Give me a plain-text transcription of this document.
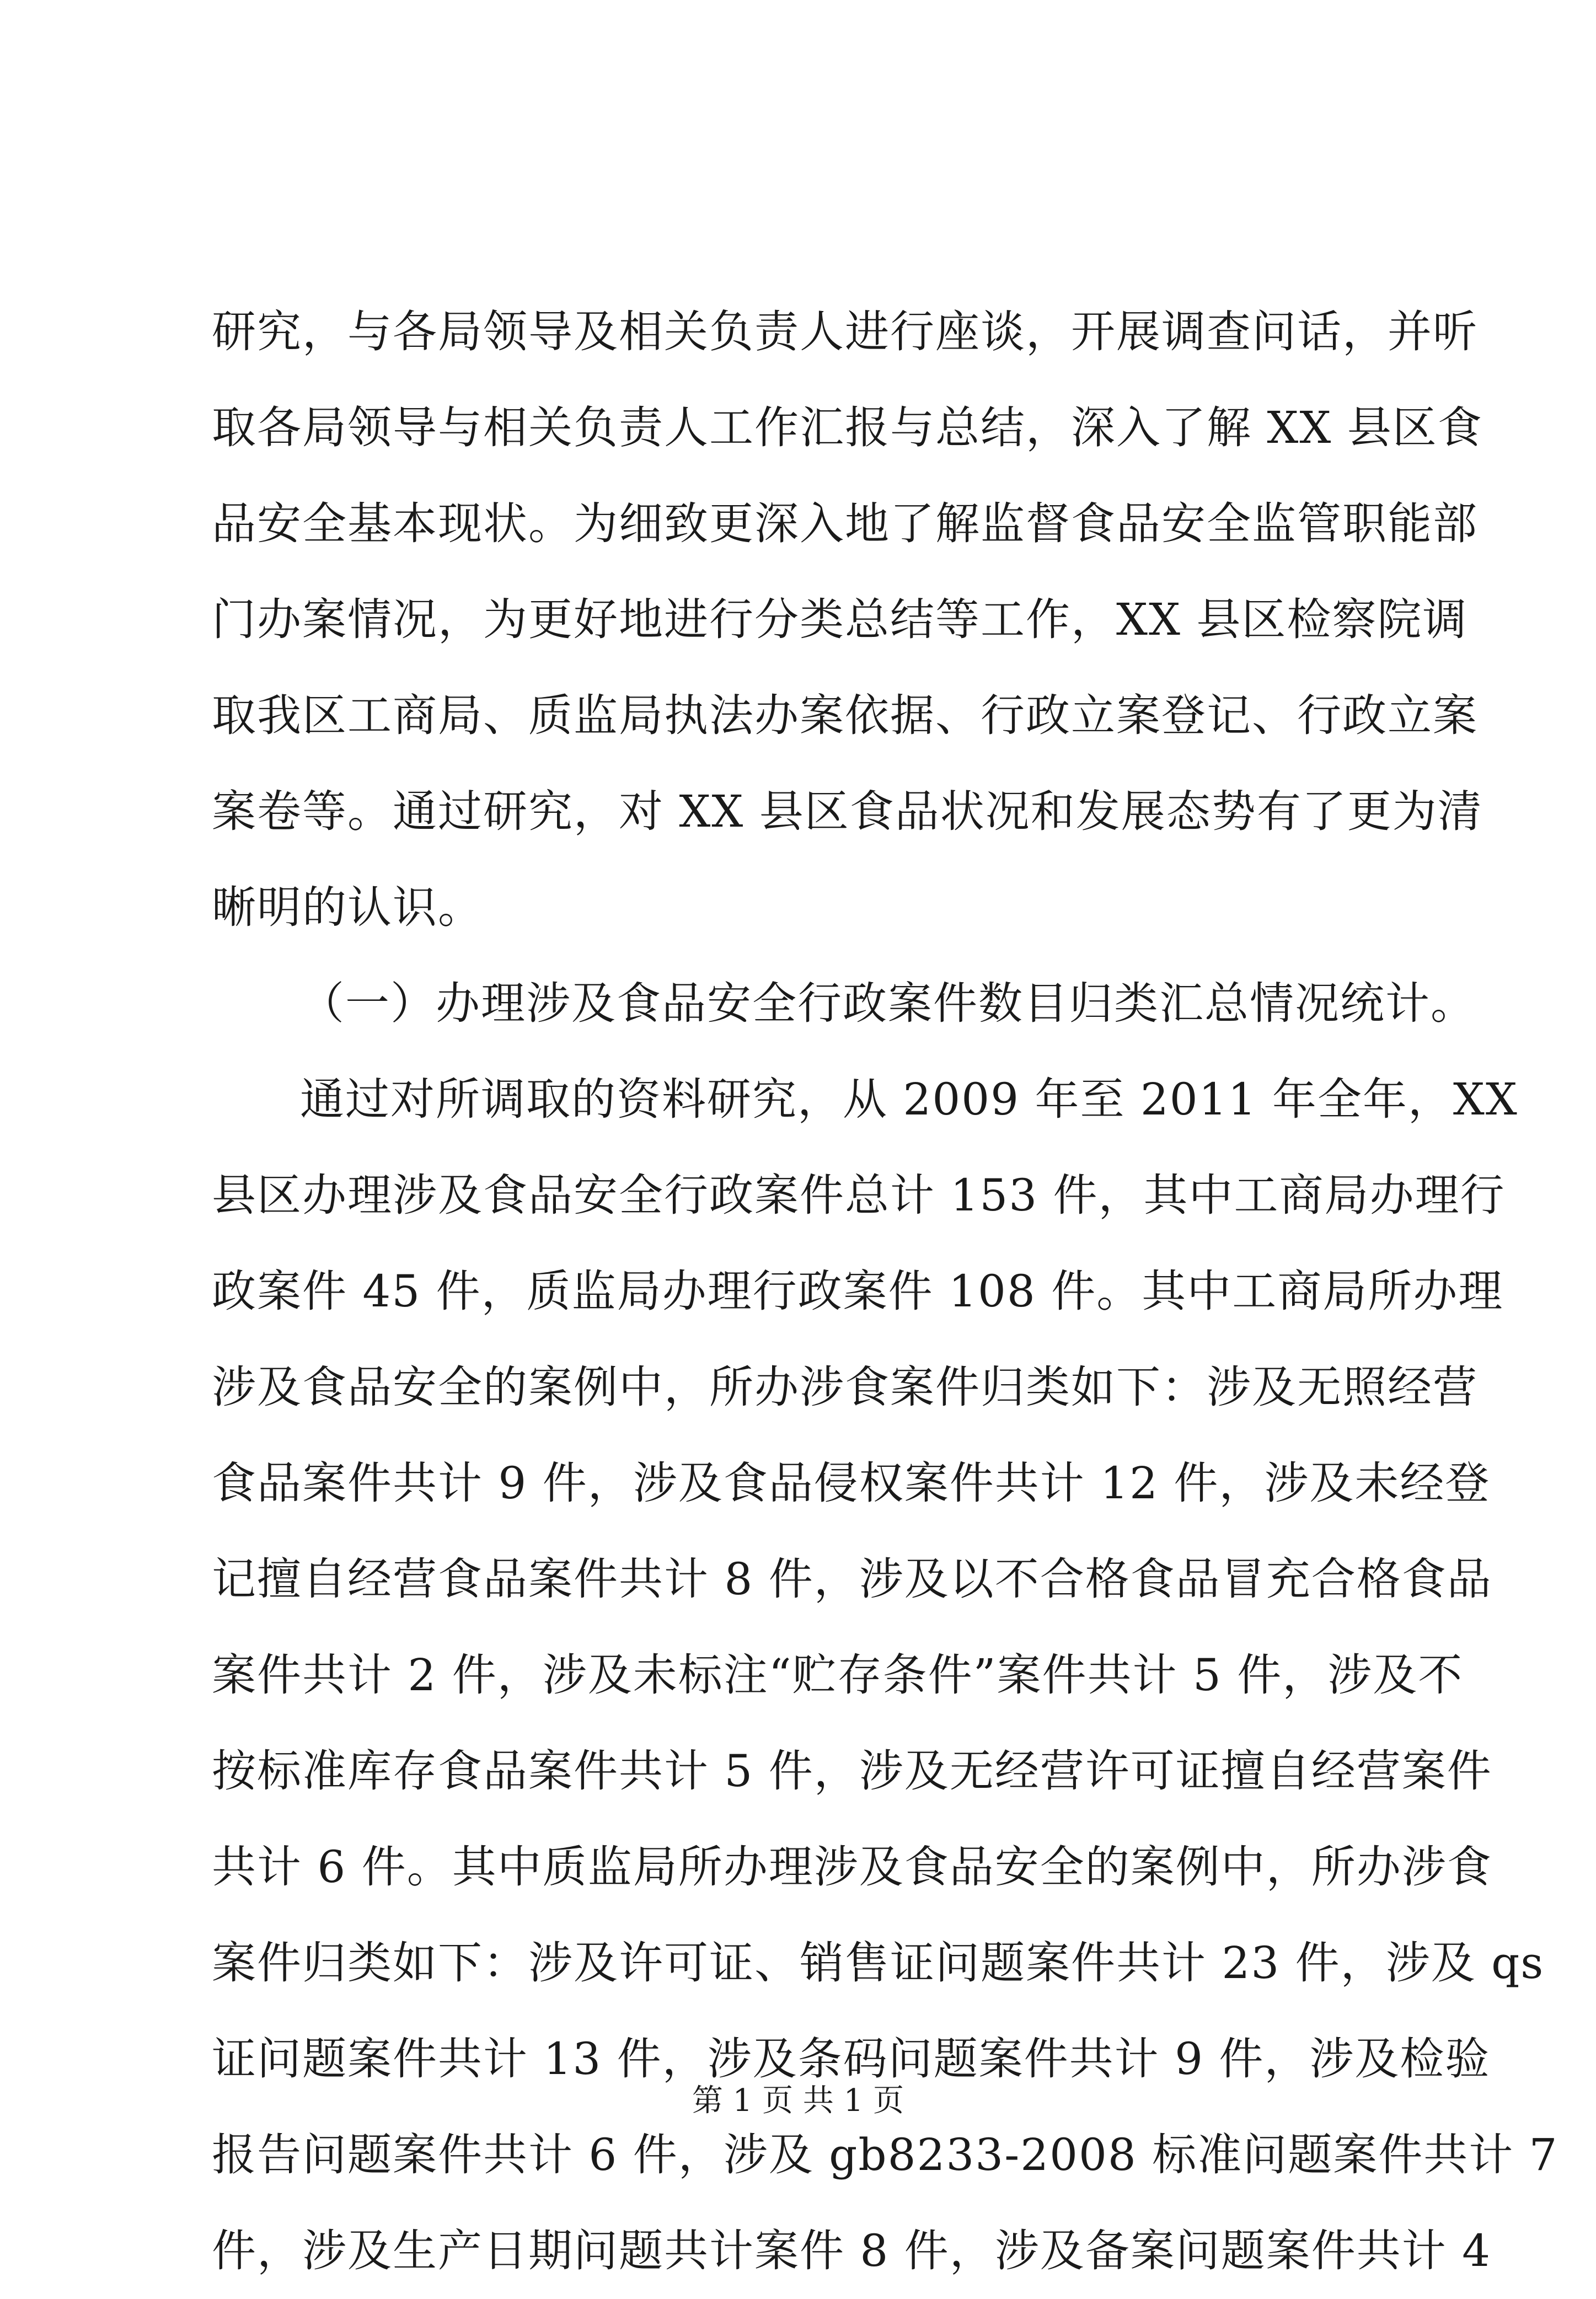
研究，与各局领导及相关负责人进行座谈，开展调查问话，并听
取各局领导与相关负责人工作汇报与总结，深入了解 XX 县区食
品安全基本现状。为细致更深入地了解监督食品安全监管职能部
门办案情况，为更好地进行分类总结等工作，XX 县区检察院调
取我区工商局、质监局执法办案依据、行政立案登记、行政立案
案卷等。通过研究，对 XX 县区食品状况和发展态势有了更为清
晰明的认识。
（一）办理涉及食品安全行政案件数目归类汇总情况统计。
通过对所调取的资料研究，从 2009 年至 2011 年全年，XX
县区办理涉及食品安全行政案件总计 153 件，其中工商局办理行
政案件 45 件，质监局办理行政案件 108 件。其中工商局所办理
涉及食品安全的案例中，所办涉食案件归类如下：涉及无照经营
食品案件共计 9 件，涉及食品侵权案件共计 12 件，涉及未经登
记擅自经营食品案件共计 8 件，涉及以不合格食品冒充合格食品
案件共计 2 件，涉及未标注“贮存条件”案件共计 5 件，涉及不
按标准库存食品案件共计 5 件，涉及无经营许可证擅自经营案件
共计 6 件。其中质监局所办理涉及食品安全的案例中，所办涉食
案件归类如下：涉及许可证、销售证问题案件共计 23 件，涉及 qs
证问题案件共计 13 件，涉及条码问题案件共计 9 件，涉及检验
报告问题案件共计 6 件，涉及 gb8233-2008 标准问题案件共计 7
件，涉及生产日期问题共计案件 8 件，涉及备案问题案件共计 4
第 1 页 共 1 页
